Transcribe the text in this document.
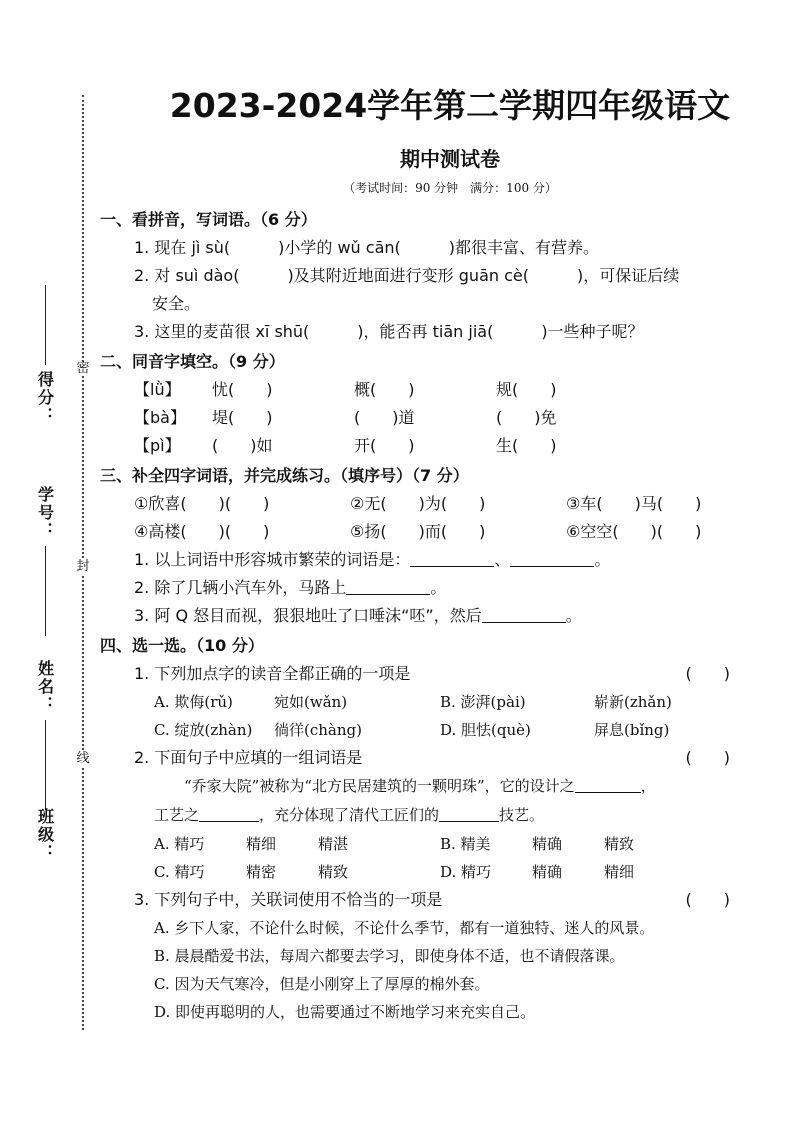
密
封
线
得分：
学号：
姓名：
班级：
2023-2024学年第二学期四年级语文
期中测试卷
（考试时间：90 分钟　满分：100 分）
一、看拼音，写词语。（6 分）
1. 现在 jì sù(　　　)小学的 wǔ cān(　　　)都很丰富、有营养。
2. 对 suì dào(　　　)及其附近地面进行变形 guān cè(　　　)，可保证后续
安全。
3. 这里的麦苗很 xī shū(　　　)，能否再 tiān jiā(　　　)一些种子呢？
二、同音字填空。（9 分）
【lǜ】 忧(　　)	概(　　)	规(　　)
【bà】 堤(　　)	(　　)道	(　　)免
【pì】 (　　)如	开(　　)	生(　　)
三、补全四字词语，并完成练习。（填序号）（7 分）
①欣喜(　　)(　　)	②无(　　)为(　　)	③车(　　)马(　　)
④高楼(　　)(　　)	⑤扬(　　)而(　　)	⑥空空(　　)(　　)
1. 以上词语中形容城市繁荣的词语是：	、	。
2. 除了几辆小汽车外，马路上	。
3. 阿 Q 怒目而视，狠狠地吐了口唾沫“呸”，然后	。
四、选一选。（10 分）
1. 下列加点字的读音全都正确的一项是	(　　)
A. 欺侮(rǔ)	宛如(wǎn)	B. 澎湃(pài)	崭新(zhǎn)
C. 绽放(zhàn) 徜徉(chàng)	D. 胆怯(què)	屏息(bǐng)
2. 下面句子中应填的一组词语是	(　　)
“乔家大院”被称为“北方民居建筑的一颗明珠”，它的设计之	，
工艺之	，充分体现了清代工匠们的	技艺。
A. 精巧	精细	精湛	B. 精美	精确	精致
C. 精巧	精密	精致	D. 精巧	精确	精细
3. 下列句子中，关联词使用不恰当的一项是	(　　)
A. 乡下人家，不论什么时候，不论什么季节，都有一道独特、迷人的风景。
B. 晨晨酷爱书法，每周六都要去学习，即使身体不适，也不请假落课。
C. 因为天气寒冷，但是小刚穿上了厚厚的棉外套。
D. 即使再聪明的人，也需要通过不断地学习来充实自己。
